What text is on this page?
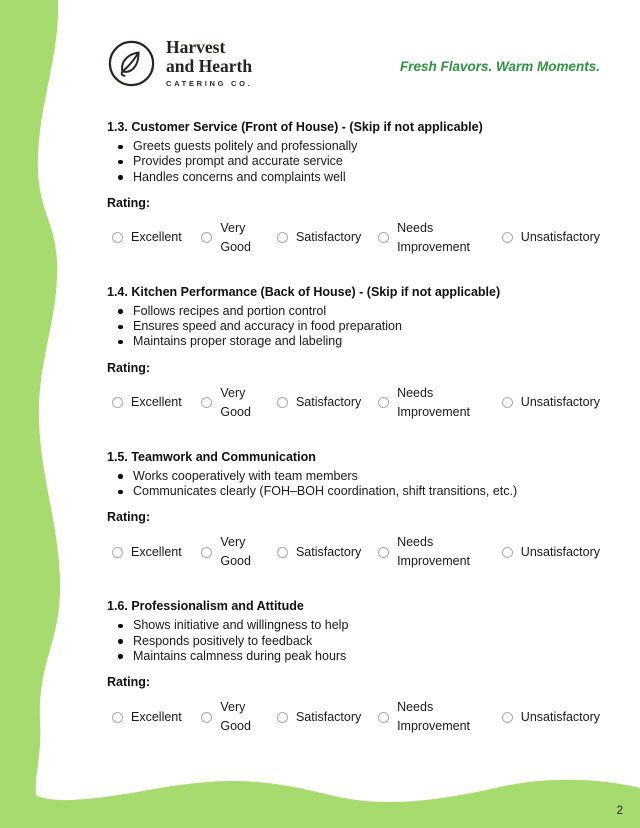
Harvest
and Hearth
CATERING CO.
Fresh Flavors. Warm Moments.
1.3. Customer Service (Front of House) - (Skip if not applicable)
Greets guests politely and professionally
Provides prompt and accurate service
Handles concerns and complaints well
Rating:
Excellent
Very Good
Satisfactory
Needs Improvement
Unsatisfactory
1.4. Kitchen Performance (Back of House) - (Skip if not applicable)
Follows recipes and portion control
Ensures speed and accuracy in food preparation
Maintains proper storage and labeling
Rating:
Excellent
Very Good
Satisfactory
Needs Improvement
Unsatisfactory
1.5. Teamwork and Communication
Works cooperatively with team members
Communicates clearly (FOH–BOH coordination, shift transitions, etc.)
Rating:
Excellent
Very Good
Satisfactory
Needs Improvement
Unsatisfactory
1.6. Professionalism and Attitude
Shows initiative and willingness to help
Responds positively to feedback
Maintains calmness during peak hours
Rating:
Excellent
Very Good
Satisfactory
Needs Improvement
Unsatisfactory
2
